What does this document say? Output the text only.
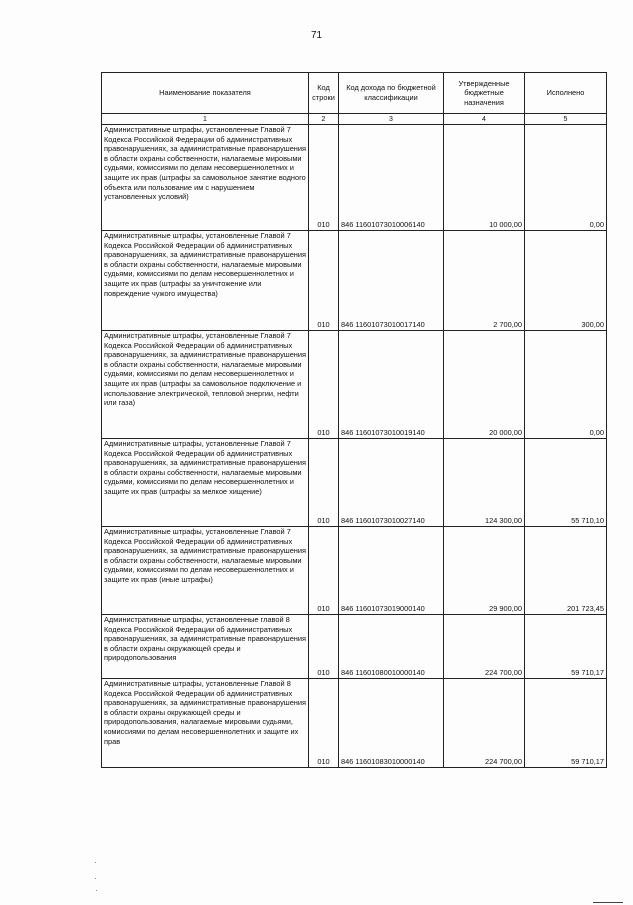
71
Наименование показателя	Код строки	Код дохода по бюджетной классификации	Утвержденные бюджетные назначения	Исполнено
1	2	3	4	5
Административные штрафы, установленные Главой 7 Кодекса Российской Федерации об административных правонарушениях, за административные правонарушения в области охраны собственности, налагаемые мировыми судьями, комиссиями по делам несовершеннолетних и защите их прав (штрафы за самовольное занятие водного объекта или пользование им с нарушением установленных условий)	010	846 11601073010006140	10 000,00	0,00
Административные штрафы, установленные Главой 7 Кодекса Российской Федерации об административных правонарушениях, за административные правонарушения в области охраны собственности, налагаемые мировыми судьями, комиссиями по делам несовершеннолетних и защите их прав (штрафы за уничтожение или повреждение чужого имущества)	010	846 11601073010017140	2 700,00	300,00
Административные штрафы, установленные Главой 7 Кодекса Российской Федерации об административных правонарушениях, за административные правонарушения в области охраны собственности, налагаемые мировыми судьями, комиссиями по делам несовершеннолетних и защите их прав (штрафы за самовольное подключение и использование электрической, тепловой энергии, нефти или газа)	010	846 11601073010019140	20 000,00	0,00
Административные штрафы, установленные Главой 7 Кодекса Российской Федерации об административных правонарушениях, за административные правонарушения в области охраны собственности, налагаемые мировыми судьями, комиссиями по делам несовершеннолетних и защите их прав (штрафы за мелкое хищение)	010	846 11601073010027140	124 300,00	55 710,10
Административные штрафы, установленные Главой 7 Кодекса Российской Федерации об административных правонарушениях, за административные правонарушения в области охраны собственности, налагаемые мировыми судьями, комиссиями по делам несовершеннолетних и защите их прав (иные штрафы)	010	846 11601073019000140	29 900,00	201 723,45
Административные штрафы, установленные главой 8 Кодекса Российской Федерации об административных правонарушениях, за административные правонарушения в области охраны окружающей среды и природопользования	010	846 11601080010000140	224 700,00	59 710,17
Административные штрафы, установленные Главой 8 Кодекса Российской Федерации об административных правонарушениях, за административные правонарушения в области охраны окружающей среды и природопользования, налагаемые мировыми судьями, комиссиями по делам несовершеннолетних и защите их прав	010	846 11601083010000140	224 700,00	59 710,17
